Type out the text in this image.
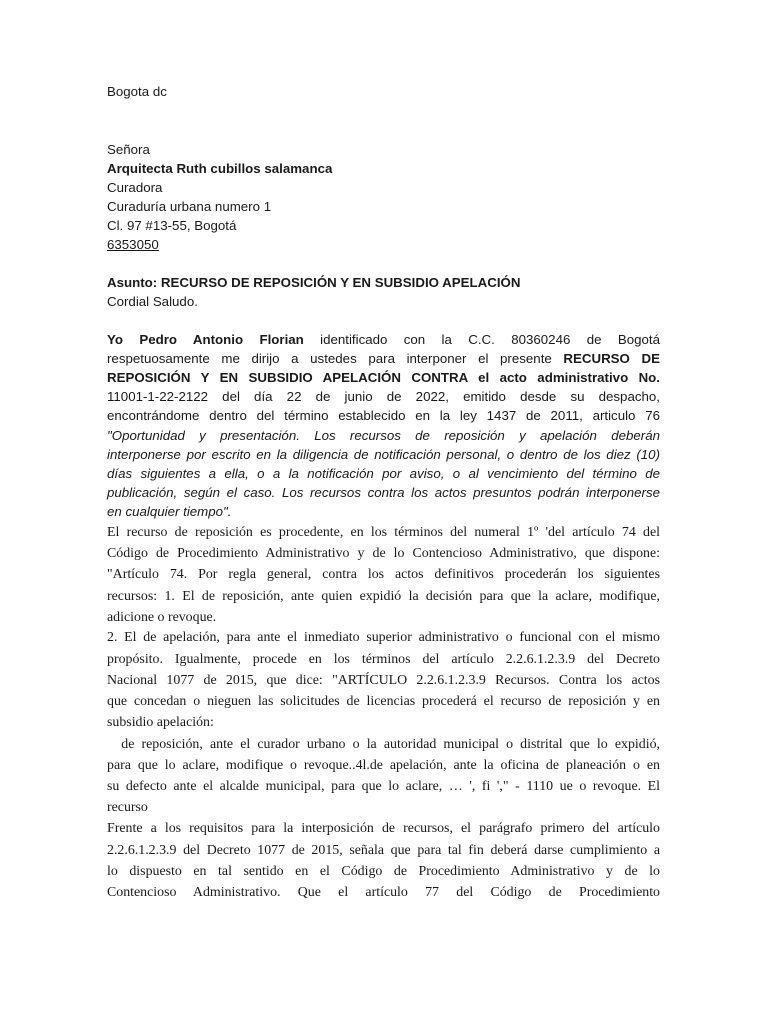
Bogota dc
Señora
Arquitecta Ruth cubillos salamanca
Curadora
Curaduría urbana numero 1
Cl. 97 #13-55, Bogotá
6353050
Asunto: RECURSO DE REPOSICIÓN Y EN SUBSIDIO APELACIÓN
Cordial Saludo.
Yo Pedro Antonio Florian identificado con la C.C. 80360246 de Bogotá
respetuosamente me dirijo a ustedes para interponer el presente RECURSO DE
REPOSICIÓN Y EN SUBSIDIO APELACIÓN CONTRA el acto administrativo No.
11001-1-22-2122 del día 22 de junio de 2022, emitido desde su despacho,
encontrándome dentro del término establecido en la ley 1437 de 2011, articulo 76
"Oportunidad y presentación. Los recursos de reposición y apelación deberán
interponerse por escrito en la diligencia de notificación personal, o dentro de los diez (10)
días siguientes a ella, o a la notificación por aviso, o al vencimiento del término de
publicación, según el caso. Los recursos contra los actos presuntos podrán interponerse
en cualquier tiempo".
El recurso de reposición es procedente, en los términos del numeral 1º 'del artículo 74 del
Código de Procedimiento Administrativo y de lo Contencioso Administrativo, que dispone:
"Artículo 74. Por regla general, contra los actos definitivos procederán los siguientes
recursos: 1. El de reposición, ante quien expidió la decisión para que la aclare, modifique,
adicione o revoque.
2. El de apelación, para ante el inmediato superior administrativo o funcional con el mismo
propósito. Igualmente, procede en los términos del artículo 2.2.6.1.2.3.9 del Decreto
Nacional 1077 de 2015, que dice: "ARTÍCULO 2.2.6.1.2.3.9 Recursos. Contra los actos
que concedan o nieguen las solicitudes de licencias procederá el recurso de reposición y en
subsidio apelación:
de reposición, ante el curador urbano o la autoridad municipal o distrital que lo expidió,
para que lo aclare, modifique o revoque..4l.de apelación, ante la oficina de planeación o en
su defecto ante el alcalde municipal, para que lo aclare, … ', fi '," - 1110 ue o revoque. El
recurso
Frente a los requisitos para la interposición de recursos, el parágrafo primero del artículo
2.2.6.1.2.3.9 del Decreto 1077 de 2015, señala que para tal fin deberá darse cumplimiento a
lo dispuesto en tal sentido en el Código de Procedimiento Administrativo y de lo
Contencioso Administrativo. Que el artículo 77 del Código de Procedimiento
